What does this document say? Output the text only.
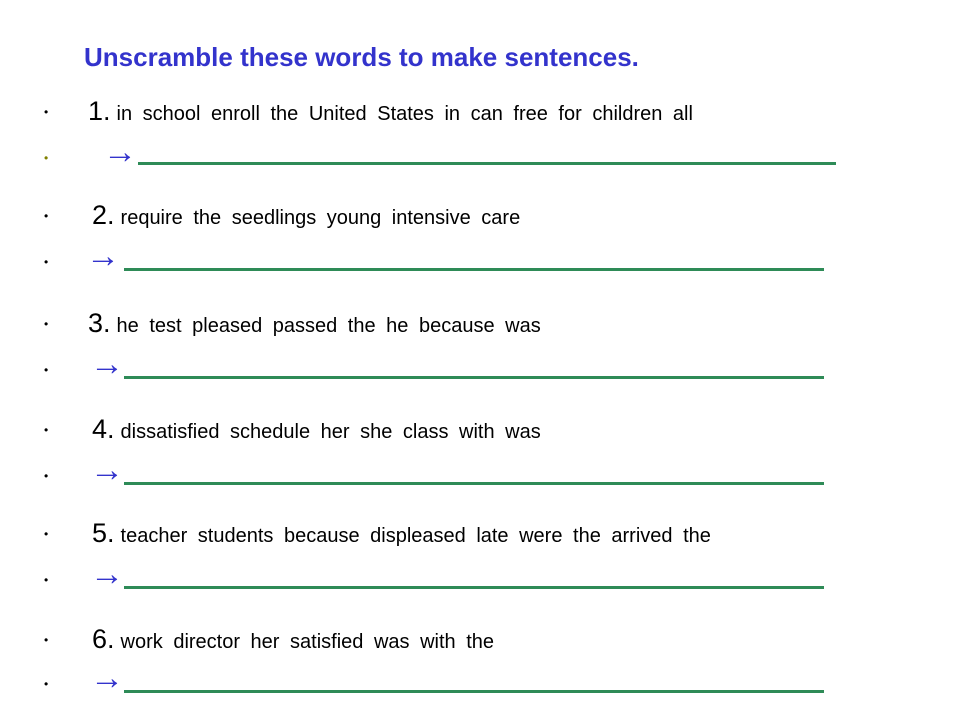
Unscramble these words to make sentences.
• 1. in school enroll the United States in can free for children all
• →
• 2. require the seedlings young intensive care
• →
• 3. he test pleased passed the he because was
• →
• 4. dissatisfied schedule her she class with was
• →
• 5. teacher students because displeased late were the arrived the
• →
• 6. work director her satisfied was with the
• →
